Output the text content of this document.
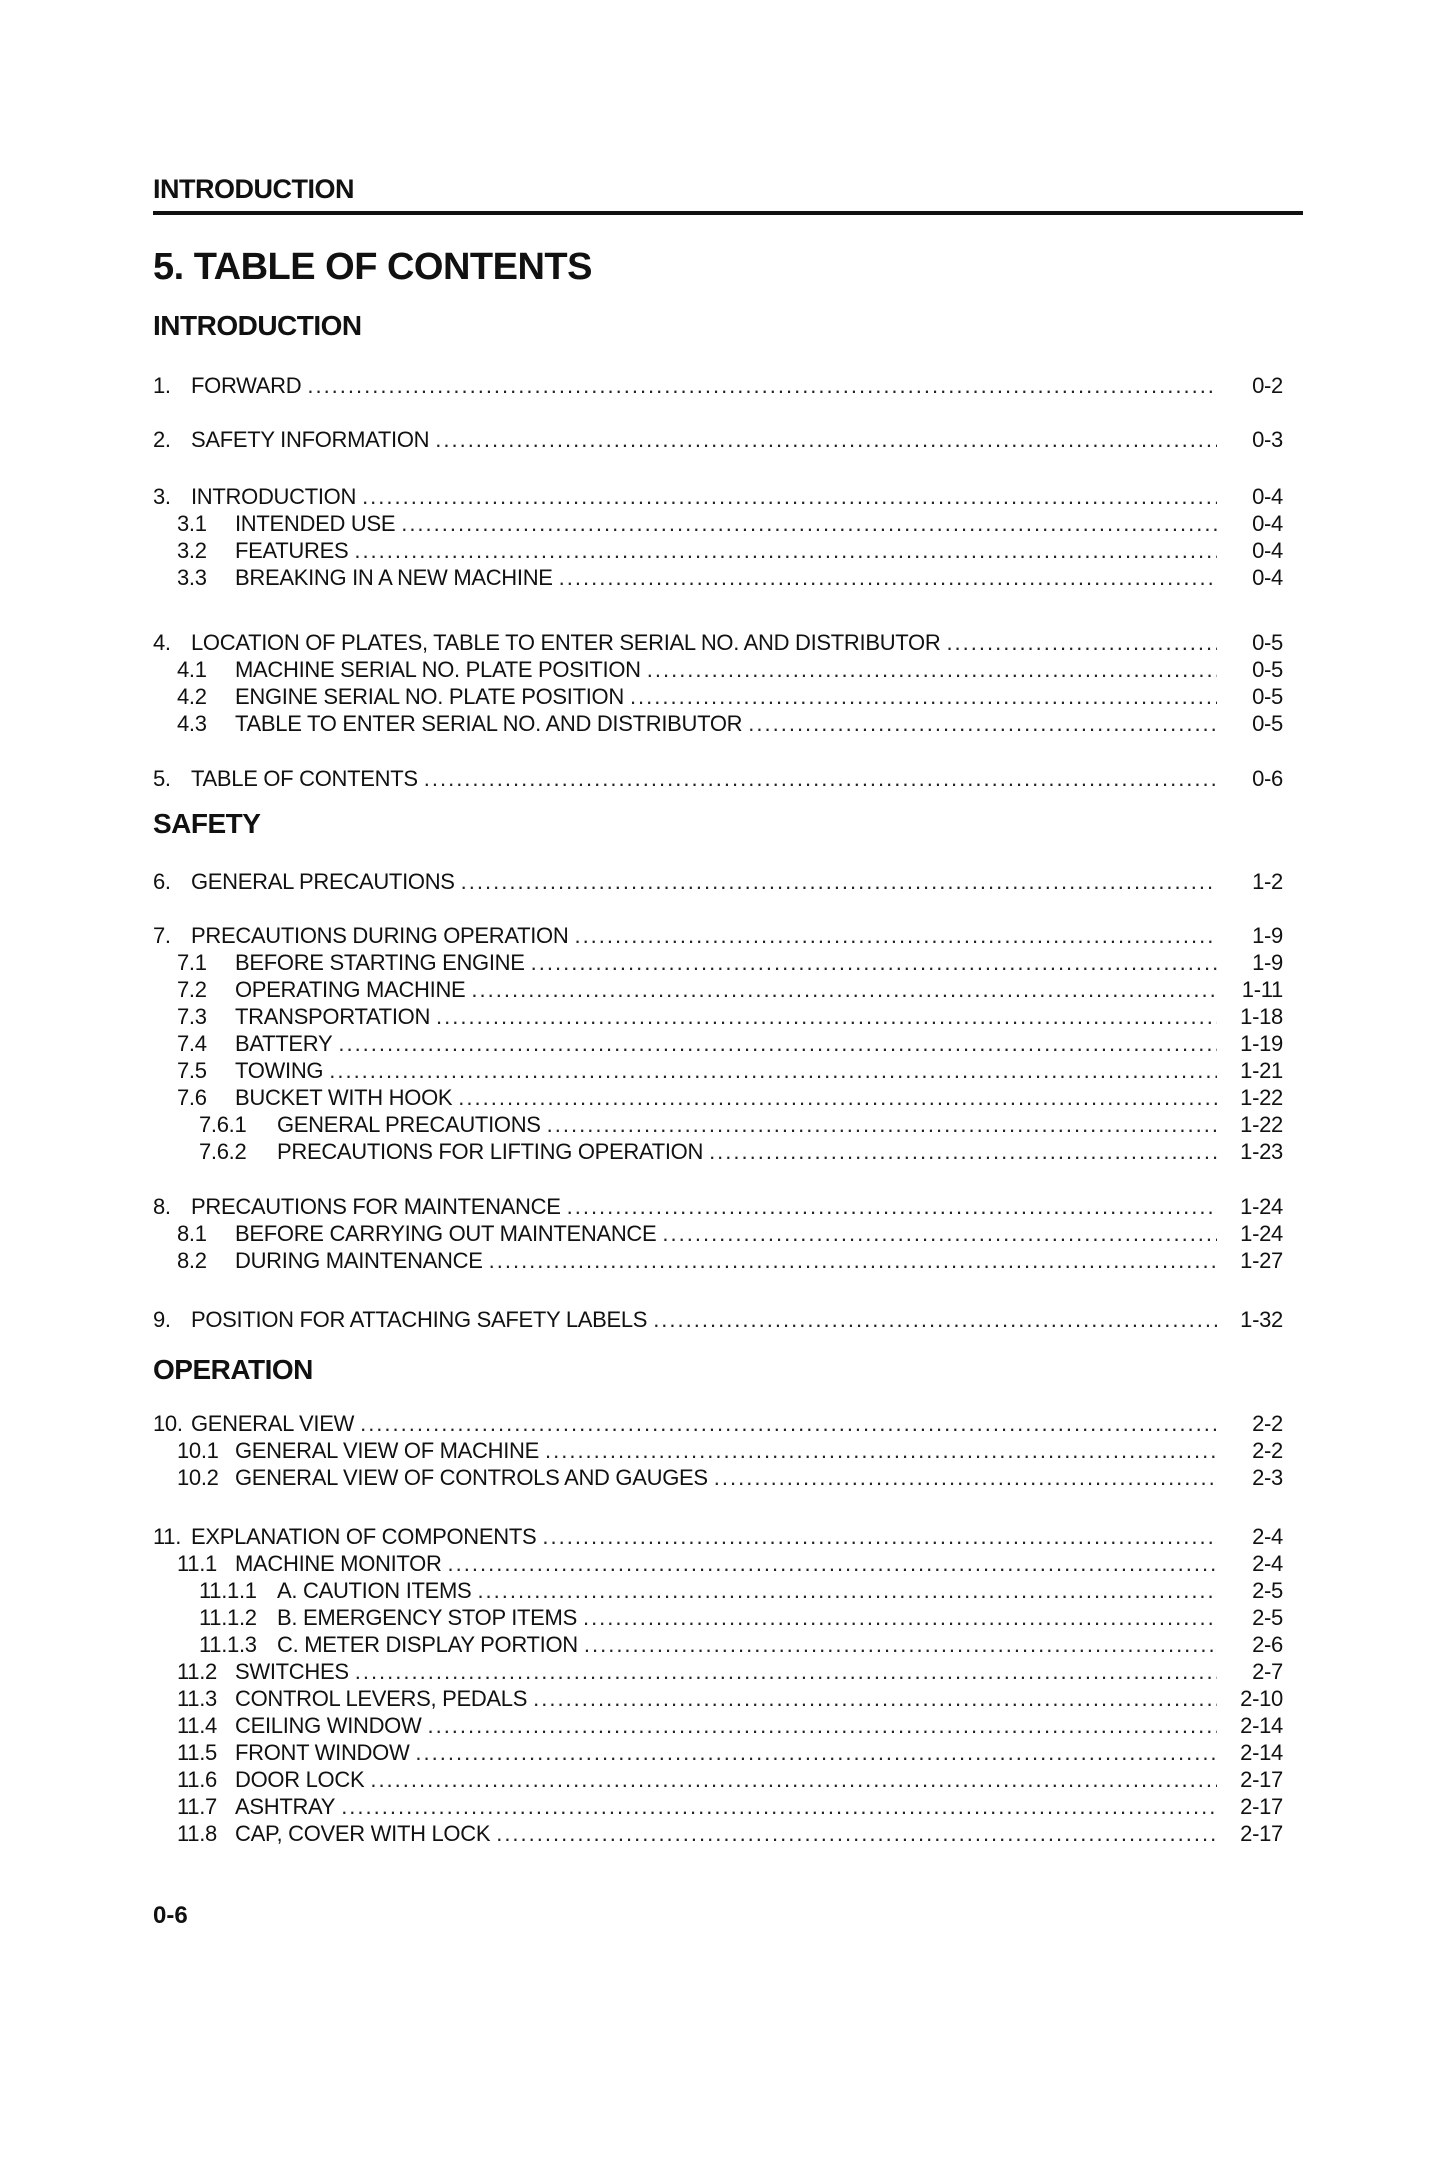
INTRODUCTION
5. TABLE OF CONTENTS
INTRODUCTION
1. FORWARD .....	0-2
2. SAFETY INFORMATION .....	0-3
3. INTRODUCTION .....	0-4
3.1 INTENDED USE .....	0-4
3.2 FEATURES .....	0-4
3.3 BREAKING IN A NEW MACHINE .....	0-4
4. LOCATION OF PLATES, TABLE TO ENTER SERIAL NO. AND DISTRIBUTOR .....	0-5
4.1 MACHINE SERIAL NO. PLATE POSITION .....	0-5
4.2 ENGINE SERIAL NO. PLATE POSITION .....	0-5
4.3 TABLE TO ENTER SERIAL NO. AND DISTRIBUTOR .....	0-5
5. TABLE OF CONTENTS .....	0-6
SAFETY
6. GENERAL PRECAUTIONS .....	1-2
7. PRECAUTIONS DURING OPERATION .....	1-9
7.1 BEFORE STARTING ENGINE .....	1-9
7.2 OPERATING MACHINE .....	1-11
7.3 TRANSPORTATION .....	1-18
7.4 BATTERY .....	1-19
7.5 TOWING .....	1-21
7.6 BUCKET WITH HOOK .....	1-22
7.6.1 GENERAL PRECAUTIONS .....	1-22
7.6.2 PRECAUTIONS FOR LIFTING OPERATION .....	1-23
8. PRECAUTIONS FOR MAINTENANCE .....	1-24
8.1 BEFORE CARRYING OUT MAINTENANCE .....	1-24
8.2 DURING MAINTENANCE .....	1-27
9. POSITION FOR ATTACHING SAFETY LABELS .....	1-32
OPERATION
10. GENERAL VIEW .....	2-2
10.1 GENERAL VIEW OF MACHINE .....	2-2
10.2 GENERAL VIEW OF CONTROLS AND GAUGES .....	2-3
11. EXPLANATION OF COMPONENTS .....	2-4
11.1 MACHINE MONITOR .....	2-4
11.1.1 A. CAUTION ITEMS .....	2-5
11.1.2 B. EMERGENCY STOP ITEMS .....	2-5
11.1.3 C. METER DISPLAY PORTION .....	2-6
11.2 SWITCHES .....	2-7
11.3 CONTROL LEVERS, PEDALS .....	2-10
11.4 CEILING WINDOW .....	2-14
11.5 FRONT WINDOW .....	2-14
11.6 DOOR LOCK .....	2-17
11.7 ASHTRAY .....	2-17
11.8 CAP, COVER WITH LOCK .....	2-17
0-6
